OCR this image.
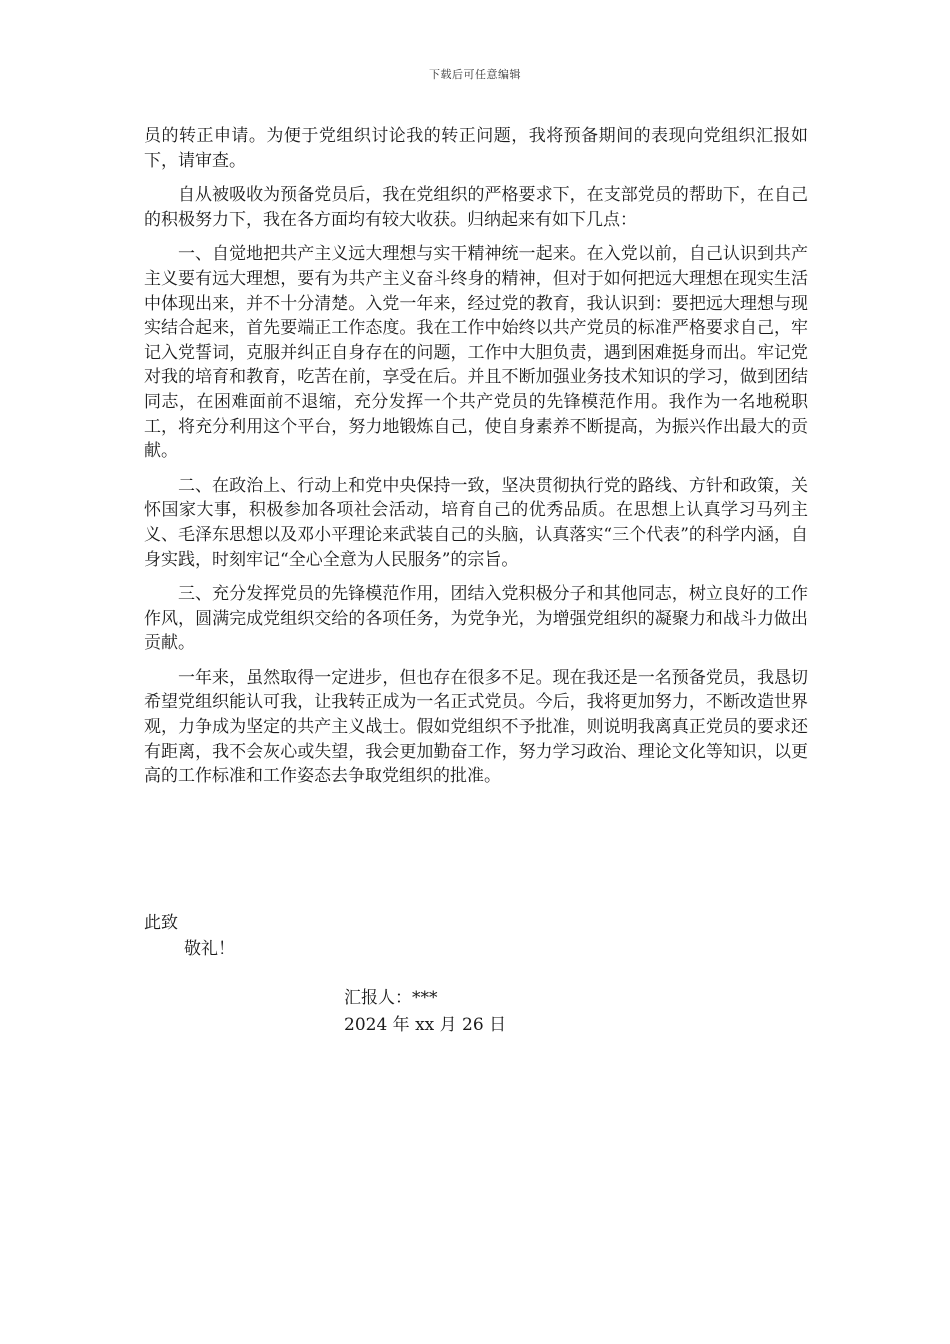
下载后可任意编辑

员的转正申请。为便于党组织讨论我的转正问题，我将预备期间的表现向党组织汇报如下，请审查。

自从被吸收为预备党员后，我在党组织的严格要求下，在支部党员的帮助下，在自己的积极努力下，我在各方面均有较大收获。归纳起来有如下几点：

一、自觉地把共产主义远大理想与实干精神统一起来。在入党以前，自己认识到共产主义要有远大理想，要有为共产主义奋斗终身的精神，但对于如何把远大理想在现实生活中体现出来，并不十分清楚。入党一年来，经过党的教育，我认识到：要把远大理想与现实结合起来，首先要端正工作态度。我在工作中始终以共产党员的标准严格要求自己，牢记入党誓词，克服并纠正自身存在的问题，工作中大胆负责，遇到困难挺身而出。牢记党对我的培育和教育，吃苦在前，享受在后。并且不断加强业务技术知识的学习，做到团结同志，在困难面前不退缩，充分发挥一个共产党员的先锋模范作用。我作为一名地税职工，将充分利用这个平台，努力地锻炼自己，使自身素养不断提高，为振兴作出最大的贡献。

二、在政治上、行动上和党中央保持一致，坚决贯彻执行党的路线、方针和政策，关怀国家大事，积极参加各项社会活动，培育自己的优秀品质。在思想上认真学习马列主义、毛泽东思想以及邓小平理论来武装自己的头脑，认真落实“三个代表”的科学内涵，自身实践，时刻牢记“全心全意为人民服务”的宗旨。

三、充分发挥党员的先锋模范作用，团结入党积极分子和其他同志，树立良好的工作作风，圆满完成党组织交给的各项任务，为党争光，为增强党组织的凝聚力和战斗力做出贡献。

一年来，虽然取得一定进步，但也存在很多不足。现在我还是一名预备党员，我恳切希望党组织能认可我，让我转正成为一名正式党员。今后，我将更加努力，不断改造世界观，力争成为坚定的共产主义战士。假如党组织不予批准，则说明我离真正党员的要求还有距离，我不会灰心或失望，我会更加勤奋工作，努力学习政治、理论文化等知识，以更高的工作标准和工作姿态去争取党组织的批准。

此致

敬礼！

汇报人：***

2024 年 xx 月 26 日
